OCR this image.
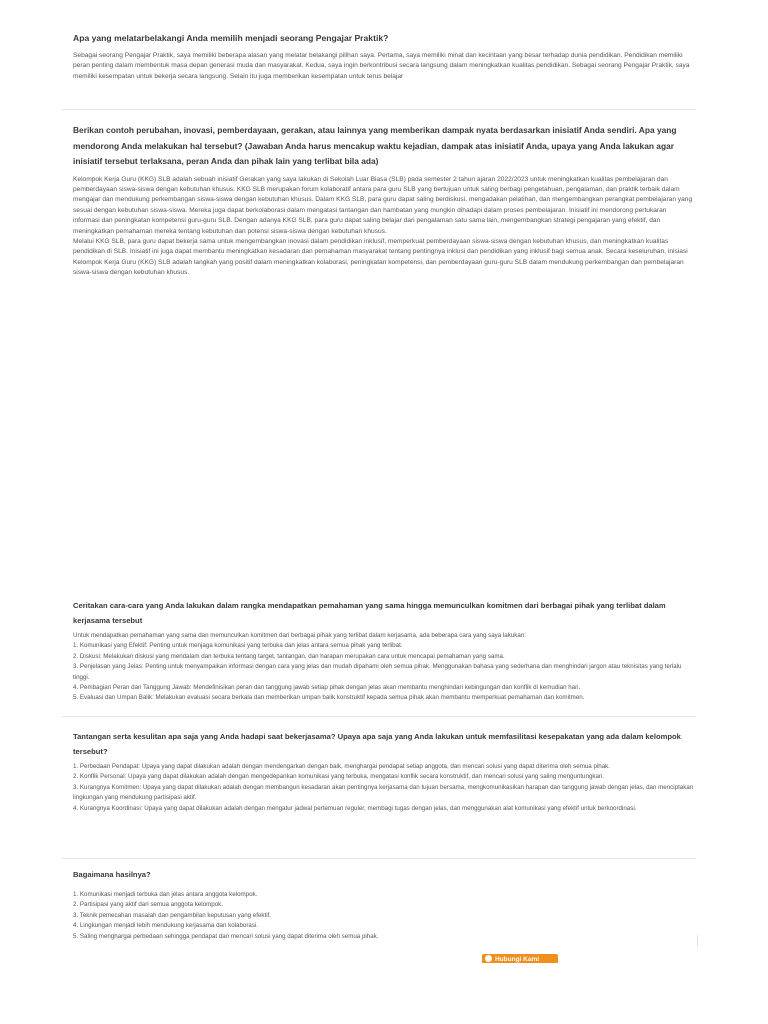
Apa yang melatarbelakangi Anda memilih menjadi seorang Pengajar Praktik?

Sebagai seorang Pengajar Praktik, saya memiliki beberapa alasan yang melatar belakangi pilihan saya. Pertama, saya memiliki minat dan kecintaan yang besar terhadap dunia pendidikan. Pendidikan memiliki peran penting dalam membentuk masa depan generasi muda dan masyarakat. Kedua, saya ingin berkontribusi secara langsung dalam meningkatkan kualitas pendidikan. Sebagai seorang Pengajar Praktik, saya memiliki kesempatan untuk bekerja secara langsung. Selain itu juga memberikan kesempatan untuk terus belajar

Berikan contoh perubahan, inovasi, pemberdayaan, gerakan, atau lainnya yang memberikan dampak nyata berdasarkan inisiatif Anda sendiri. Apa yang mendorong Anda melakukan hal tersebut? (Jawaban Anda harus mencakup waktu kejadian, dampak atas inisiatif Anda, upaya yang Anda lakukan agar inisiatif tersebut terlaksana, peran Anda dan pihak lain yang terlibat bila ada)

Kelompok Kerja Guru (KKG) SLB adalah sebuah inisiatif Gerakan yang saya lakukan di Sekolah Luar Biasa (SLB) pada semester 2 tahun ajaran 2022/2023 untuk meningkatkan kualitas pembelajaran dan pemberdayaan siswa-siswa dengan kebutuhan khusus. KKG SLB merupakan forum kolaboratif antara para guru SLB yang bertujuan untuk saling berbagi pengetahuan, pengalaman, dan praktik terbaik dalam mengajar dan mendukung perkembangan siswa-siswa dengan kebutuhan khusus. Dalam KKG SLB, para guru dapat saling berdiskusi, mengadakan pelatihan, dan mengembangkan perangkat pembelajaran yang sesuai dengan kebutuhan siswa-siswa. Mereka juga dapat berkolaborasi dalam mengatasi tantangan dan hambatan yang mungkin dihadapi dalam proses pembelajaran. Inisiatif ini mendorong pertukaran informasi dan peningkatan kompetensi guru-guru SLB. Dengan adanya KKG SLB, para guru dapat saling belajar dari pengalaman satu sama lain, mengembangkan strategi pengajaran yang efektif, dan meningkatkan pemahaman mereka tentang kebutuhan dan potensi siswa-siswa dengan kebutuhan khusus.

Melalui KKG SLB, para guru dapat bekerja sama untuk mengembangkan inovasi dalam pendidikan inklusif, memperkuat pemberdayaan siswa-siswa dengan kebutuhan khusus, dan meningkatkan kualitas pendidikan di SLB. Inisiatif ini juga dapat membantu meningkatkan kesadaran dan pemahaman masyarakat tentang pentingnya inklusi dan pendidikan yang inklusif bagi semua anak. Secara keseluruhan, inisiasi Kelompok Kerja Guru (KKG) SLB adalah langkah yang positif dalam meningkatkan kolaborasi, peningkatan kompetensi, dan pemberdayaan guru-guru SLB dalam mendukung perkembangan dan pembelajaran siswa-siswa dengan kebutuhan khusus.

Ceritakan cara-cara yang Anda lakukan dalam rangka mendapatkan pemahaman yang sama hingga memunculkan komitmen dari berbagai pihak yang terlibat dalam kerjasama tersebut

Untuk mendapatkan pemahaman yang sama dan memunculkan komitmen dari berbagai pihak yang terlibat dalam kerjasama, ada beberapa cara yang saya lakukan:

1. Komunikasi yang Efektif: Penting untuk menjaga komunikasi yang terbuka dan jelas antara semua pihak yang terlibat.

2. Diskusi: Melakukan diskusi yang mendalam dan terbuka tentang target, tantangan, dan harapan merupakan cara untuk mencapai pemahaman yang sama.

3. Penjelasan yang Jelas: Penting untuk menyampaikan informasi dengan cara yang jelas dan mudah dipahami oleh semua pihak. Menggunakan bahasa yang sederhana dan menghindari jargon atau teknisitas yang terlalu tinggi.

4. Pembagian Peran dan Tanggung Jawab: Mendefinisikan peran dan tanggung jawab setiap pihak dengan jelas akan membantu menghindari kebingungan dan konflik di kemudian hari.

5. Evaluasi dan Umpan Balik: Melakukan evaluasi secara berkala dan memberikan umpan balik konstruktif kepada semua pihak akan membantu memperkuat pemahaman dan komitmen.

Tantangan serta kesulitan apa saja yang Anda hadapi saat bekerjasama? Upaya apa saja yang Anda lakukan untuk memfasilitasi kesepakatan yang ada dalam kelompok tersebut?

1. Perbedaan Pendapat: Upaya yang dapat dilakukan adalah dengan mendengarkan dengan baik, menghargai pendapat setiap anggota, dan mencari solusi yang dapat diterima oleh semua pihak.

2. Konflik Personal: Upaya yang dapat dilakukan adalah dengan mengedepankan komunikasi yang terbuka, mengatasi konflik secara konstruktif, dan mencari solusi yang saling menguntungkan.

3. Kurangnya Komitmen: Upaya yang dapat dilakukan adalah dengan membangun kesadaran akan pentingnya kerjasama dan tujuan bersama, mengkomunikasikan harapan dan tanggung jawab dengan jelas, dan menciptakan lingkungan yang mendukung partisipasi aktif.

4. Kurangnya Koordinasi: Upaya yang dapat dilakukan adalah dengan mengatur jadwal pertemuan reguler, membagi tugas dengan jelas, dan menggunakan alat komunikasi yang efektif untuk berkoordinasi.

Bagaimana hasilnya?

1. Komunikasi menjadi terbuka dan jelas antara anggota kelompok.

2. Partisipasi yang aktif dari semua anggota kelompok.

3. Teknik pemecahan masalah dan pengambilan keputusan yang efektif.

4. Lingkungan menjadi lebih mendukung kerjasama dan kolaborasi.

5. Saling menghargai perbedaan sehingga pendapat dan mencari solusi yang dapat diterima oleh semua pihak.

Hubungi Kami
